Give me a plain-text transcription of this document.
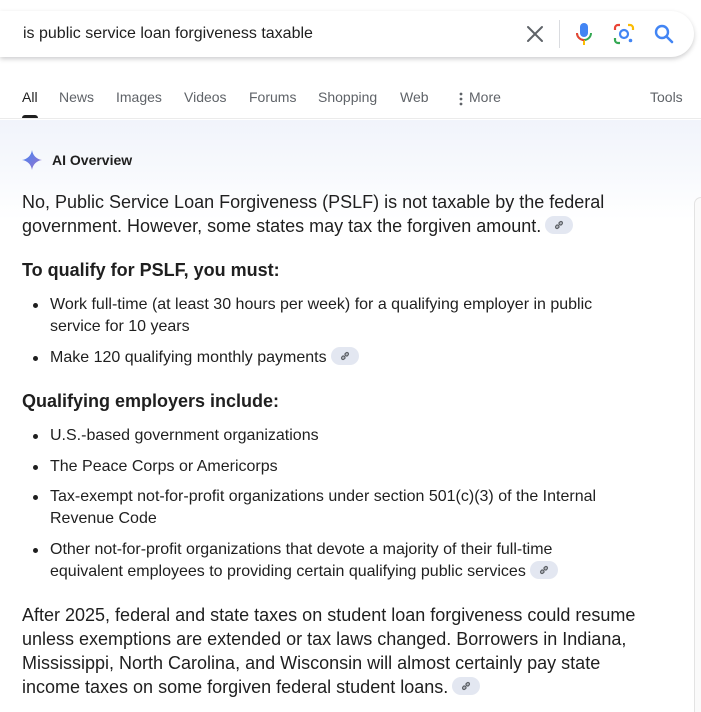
is public service loan forgiveness taxable
All News Images Videos Forums Shopping Web	More	Tools
AI Overview

No, Public Service Loan Forgiveness (PSLF) is not taxable by the federal government. However, some states may tax the forgiven amount.

To qualify for PSLF, you must:
Work full-time (at least 30 hours per week) for a qualifying employer in public service for 10 years
Make 120 qualifying monthly payments
Qualifying employers include:
U.S.-based government organizations
The Peace Corps or Americorps
Tax-exempt not-for-profit organizations under section 501(c)(3) of the Internal Revenue Code
Other not-for-profit organizations that devote a majority of their full-time equivalent employees to providing certain qualifying public services

After 2025, federal and state taxes on student loan forgiveness could resume unless exemptions are extended or tax laws changed. Borrowers in Indiana, Mississippi, North Carolina, and Wisconsin will almost certainly pay state income taxes on some forgiven federal student loans.
